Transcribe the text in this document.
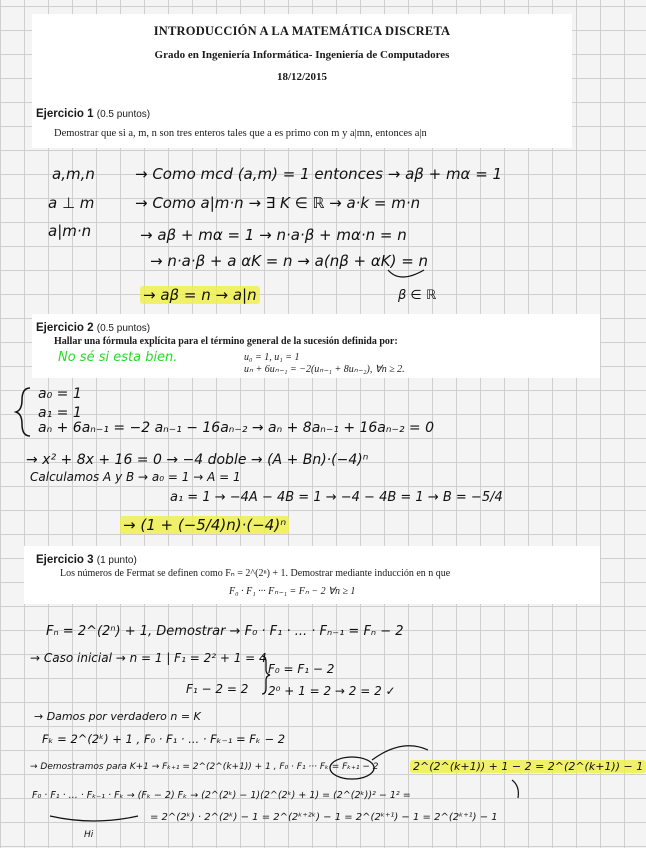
INTRODUCCIÓN A LA MATEMÁTICA DISCRETA
Grado en Ingeniería Informática- Ingeniería de Computadores
18/12/2015
Ejercicio 1 (0.5 puntos)
Demostrar que si a, m, n son tres enteros tales que a es primo con m y a|mn, entonces a|n
a,m,n	→ Como mcd (a,m) = 1 entonces → aβ + mα = 1
a ⊥ m	→ Como a|m·n → ∃ K ∈ ℝ → a·k = m·n
a|m·n	→ aβ + mα = 1 → n·a·β + mα·n = n
→ n·a·β + a αK = n → a(nβ + αK) = n
→ aβ = n → a|n	β ∈ ℝ
Ejercicio 2 (0.5 puntos)
Hallar una fórmula explícita para el término general de la sucesión definida por:
u₀ = 1, u₁ = 1
uₙ + 6uₙ₋₁ = −2(uₙ₋₁ + 8uₙ₋₂), ∀n ≥ 2.
No sé si esta bien.
a₀ = 1
a₁ = 1
aₙ + 6aₙ₋₁ = −2 aₙ₋₁ − 16aₙ₋₂ → aₙ + 8aₙ₋₁ + 16aₙ₋₂ = 0
→ x² + 8x + 16 = 0 → −4 doble → (A + Bn)·(−4)ⁿ
Calculamos A y B → a₀ = 1 → A = 1
a₁ = 1 → −4A − 4B = 1 → −4 − 4B = 1 → B = −5/4
→ (1 + (−5/4)n)·(−4)ⁿ
Ejercicio 3 (1 punto)
Los números de Fermat se definen como Fₙ = 2^(2ⁿ) + 1. Demostrar mediante inducción en n que
F₀ · F₁ ··· Fₙ₋₁ = Fₙ − 2 ∀n ≥ 1
Fₙ = 2^(2ⁿ) + 1, Demostrar → F₀ · F₁ · ... · Fₙ₋₁ = Fₙ − 2
→ Caso inicial → n = 1 | F₁ = 2² + 1 = 4
F₀ = F₁ − 2
F₁ − 2 = 2 2⁰ + 1 = 2 → 2 = 2 ✓
→ Damos por verdadero n = K
Fₖ = 2^(2ᵏ) + 1 , F₀ · F₁ · ... · Fₖ₋₁ = Fₖ − 2
→ Demostramos para K+1 → Fₖ₊₁ = 2^(2^(k+1)) + 1 , F₀ · F₁ ··· Fₖ = Fₖ₊₁ − 2	2^(2^(k+1)) + 1 − 2 = 2^(2^(k+1)) − 1
F₀ · F₁ · ... · Fₖ₋₁ · Fₖ → (Fₖ − 2) Fₖ → (2^(2ᵏ) − 1)(2^(2ᵏ) + 1) = (2^(2ᵏ))² − 1² =
= 2^(2ᵏ) · 2^(2ᵏ) − 1 = 2^(2ᵏ⁺²ᵏ) − 1 = 2^(2ᵏ⁺¹) − 1 = 2^(2ᵏ⁺¹) − 1
Hi
